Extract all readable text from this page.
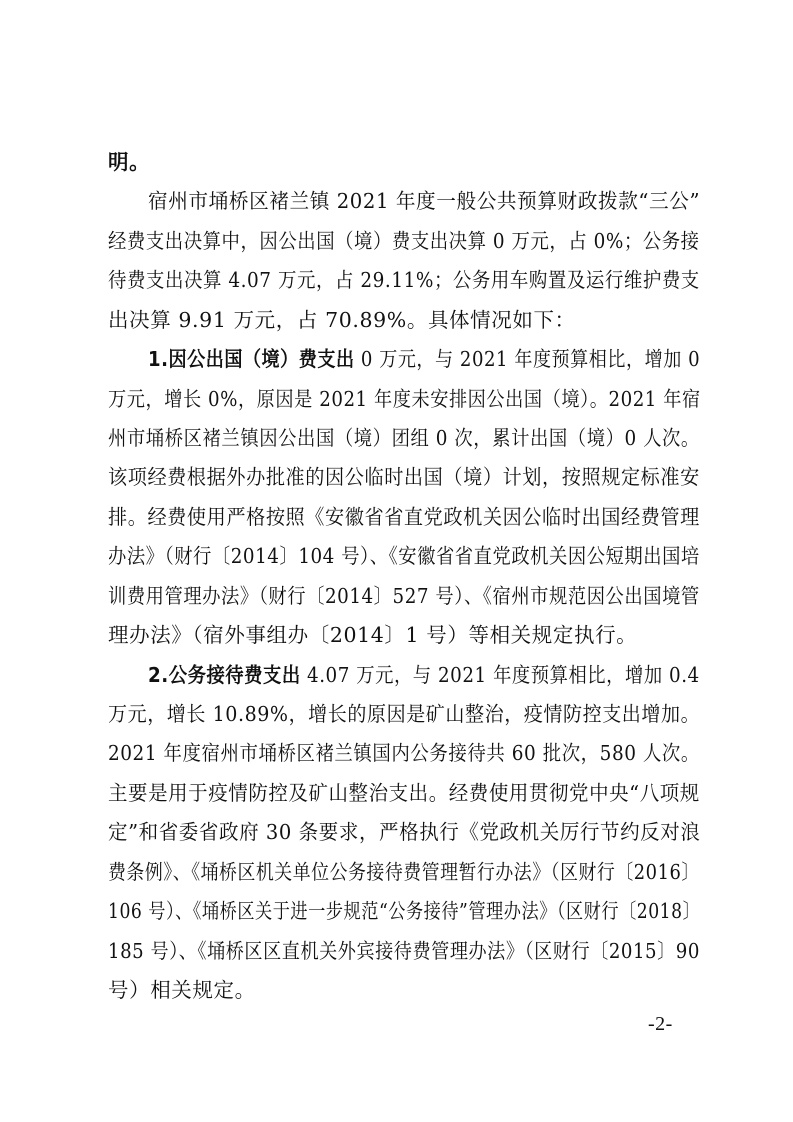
明。

宿州市埇桥区褚兰镇 2021 年度一般公共预算财政拨款“三公”

经费支出决算中，因公出国（境）费支出决算 0 万元，占 0%；公务接

待费支出决算 4.07 万元，占 29.11%；公务用车购置及运行维护费支

出决算 9.91 万元，占 70.89%。具体情况如下：

1.因公出国（境）费支出 0 万元，与 2021 年度预算相比，增加 0

万元，增长 0%，原因是 2021 年度未安排因公出国（境）。2021 年宿

州市埇桥区褚兰镇因公出国（境）团组 0 次，累计出国（境）0 人次。

该项经费根据外办批准的因公临时出国（境）计划，按照规定标准安

排。经费使用严格按照《安徽省省直党政机关因公临时出国经费管理

办法》（财行〔2014〕104 号）、《安徽省省直党政机关因公短期出国培

训费用管理办法》（财行〔2014〕527 号）、《宿州市规范因公出国境管

理办法》（宿外事组办〔2014〕1 号）等相关规定执行。

2.公务接待费支出 4.07 万元，与 2021 年度预算相比，增加 0.4

万元，增长 10.89%，增长的原因是矿山整治，疫情防控支出增加。

2021 年度宿州市埇桥区褚兰镇国内公务接待共 60 批次，580 人次。

主要是用于疫情防控及矿山整治支出。经费使用贯彻党中央“八项规

定”和省委省政府 30 条要求，严格执行《党政机关厉行节约反对浪

费条例》、《埇桥区机关单位公务接待费管理暂行办法》（区财行〔2016〕

106 号）、《埇桥区关于进一步规范“公务接待”管理办法》（区财行〔2018〕

185 号）、《埇桥区区直机关外宾接待费管理办法》（区财行〔2015〕90

号）相关规定。

-2-
